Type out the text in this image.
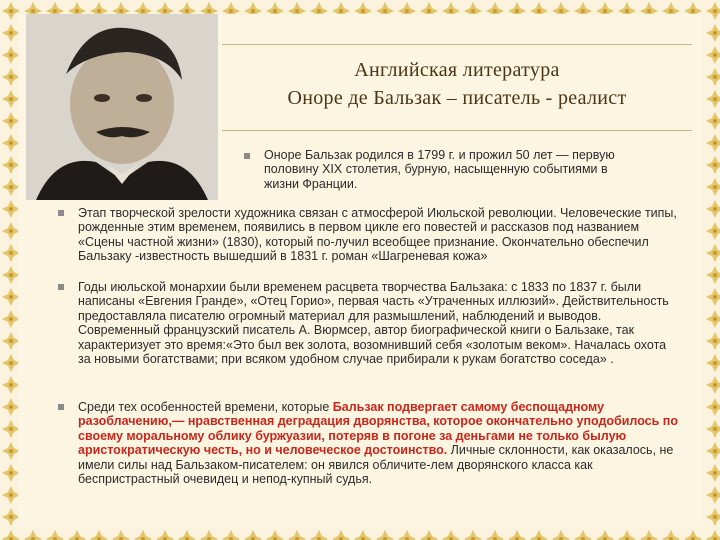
Английская литература
Оноре де Бальзак – писатель - реалист
Оноре Бальзак родился в 1799 г. и прожил 50 лет — первую половину XIX столетия, бурную, насыщенную событиями в жизни Франции.
Этап творческой зрелости художника связан с атмосферой Июльской революции. Человеческие типы, рожденные этим временем, появились в первом цикле его повестей и рассказов под названием «Сцены частной жизни» (1830), который по-лучил всеобщее признание. Окончательно обеспечил Бальзаку -известность вышедший в 1831 г. роман «Шагреневая кожа»
Годы июльской монархии были временем расцвета творчества Бальзака: с 1833 по 1837 г. были написаны «Евгения Гранде», «Отец Горио», первая часть «Утраченных иллюзий». Действительность предоставляла писателю огромный материал для размышлений, наблюдений и выводов. Современный французский писатель А. Вюрмсер, автор биографической книги о Бальзаке, так характеризует это время:«Это был век золота, возомнивший себя «золотым веком». Началась охота за новыми богатствами; при всяком удобном случае прибирали к рукам богатство соседа» .
Среди тех особенностей времени, которые Бальзак подвергает самому беспощадному разоблачению,— нравственная деградация дворянства, которое окончательно уподобилось по своему моральному облику буржуазии, потеряв в погоне за деньгами не только былую аристократическую честь, но и человеческое достоинство. Личные склонности, как оказалось, не имели силы над Бальзаком-писателем: он явился обличите-лем дворянского класса как беспристрастный очевидец и непод-купный судья.
